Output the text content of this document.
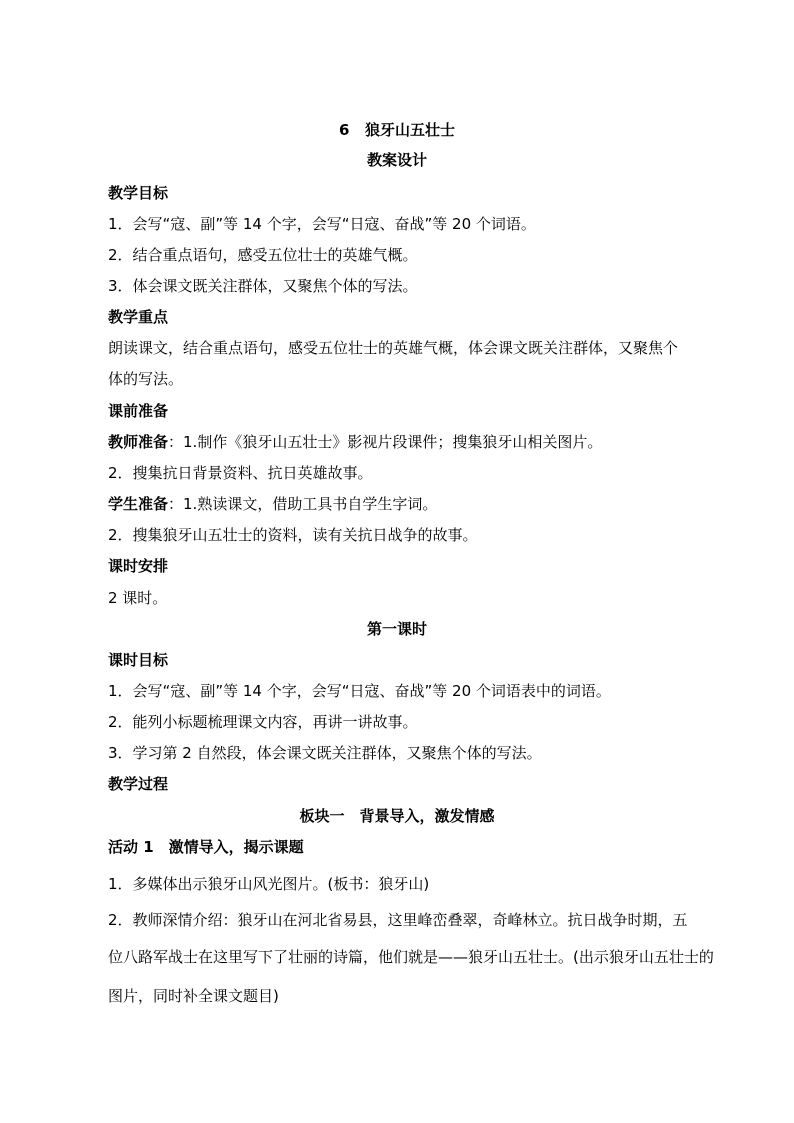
6 狼牙山五壮士
教案设计
教学目标
1．会写“寇、副”等 14 个字，会写“日寇、奋战”等 20 个词语。
2．结合重点语句，感受五位壮士的英雄气概。
3．体会课文既关注群体，又聚焦个体的写法。
教学重点
朗读课文，结合重点语句，感受五位壮士的英雄气概，体会课文既关注群体，又聚焦个
体的写法。
课前准备
教师准备：1.制作《狼牙山五壮士》影视片段课件；搜集狼牙山相关图片。
2．搜集抗日背景资料、抗日英雄故事。
学生准备：1.熟读课文，借助工具书自学生字词。
2．搜集狼牙山五壮士的资料，读有关抗日战争的故事。
课时安排
2 课时。
第一课时
课时目标
1．会写“寇、副”等 14 个字，会写“日寇、奋战”等 20 个词语表中的词语。
2．能列小标题梳理课文内容，再讲一讲故事。
3．学习第 2 自然段，体会课文既关注群体，又聚焦个体的写法。
教学过程
板块一　背景导入，激发情感
活动 1　激情导入，揭示课题
1．多媒体出示狼牙山风光图片。(板书：狼牙山)
2．教师深情介绍：狼牙山在河北省易县，这里峰峦叠翠，奇峰林立。抗日战争时期，五
位八路军战士在这里写下了壮丽的诗篇，他们就是——狼牙山五壮士。(出示狼牙山五壮士的
图片，同时补全课文题目)
